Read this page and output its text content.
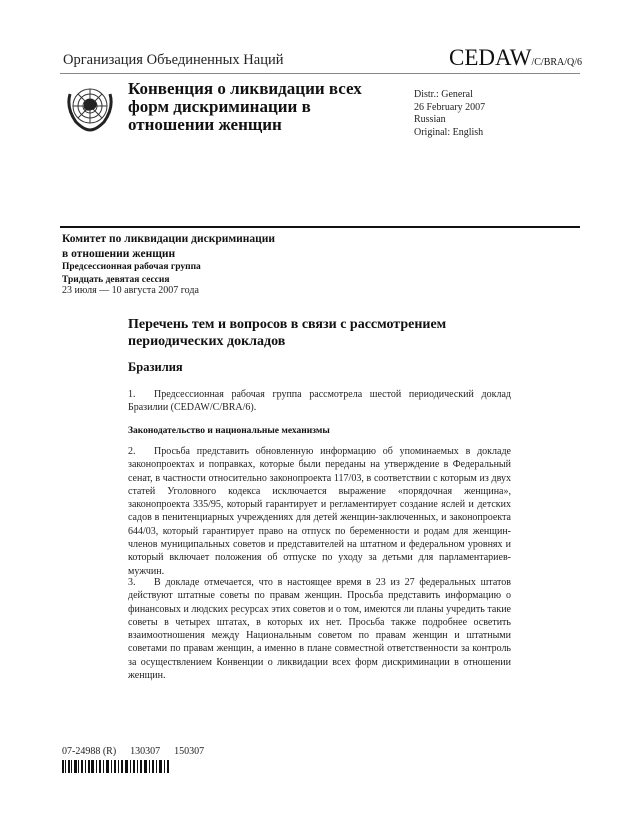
Организация Объединенных Наций	CEDAW/C/BRA/Q/6
Конвенция о ликвидации всех форм дискриминации в отношении женщин
Distr.: General
26 February 2007
Russian
Original: English
Комитет по ликвидации дискриминации
в отношении женщин
Предсессионная рабочая группа
Тридцать девятая сессия
23 июля — 10 августа 2007 года
Перечень тем и вопросов в связи с рассмотрением периодических докладов
Бразилия
1. Предсессионная рабочая группа рассмотрела шестой периодический доклад Бразилии (CEDAW/C/BRA/6).
Законодательство и национальные механизмы
2. Просьба представить обновленную информацию об упоминаемых в докладе законопроектах и поправках, которые были переданы на утверждение в Федеральный сенат, в частности относительно законопроекта 117/03, в соответствии с которым из двух статей Уголовного кодекса исключается выражение «порядочная женщина», законопроекта 335/95, который гарантирует и регламентирует создание яслей и детских садов в пенитенциарных учреждениях для детей женщин-заключенных, и законопроекта 644/03, который гарантирует право на отпуск по беременности и родам для женщин-членов муниципальных советов и представителей на штатном и федеральном уровнях и который включает положения об отпуске по уходу за детьми для парламентариев-мужчин.
3. В докладе отмечается, что в настоящее время в 23 из 27 федеральных штатов действуют штатные советы по правам женщин. Просьба представить информацию о финансовых и людских ресурсах этих советов и о том, имеются ли планы учредить такие советы в четырех штатах, в которых их нет. Просьба также подробнее осветить взаимоотношения между Национальным советом по правам женщин и штатными советами по правам женщин, а именно в плане совместной ответственности за контроль за осуществлением Конвенции о ликвидации всех форм дискриминации в отношении женщин.
07-24988 (R) 130307 150307
